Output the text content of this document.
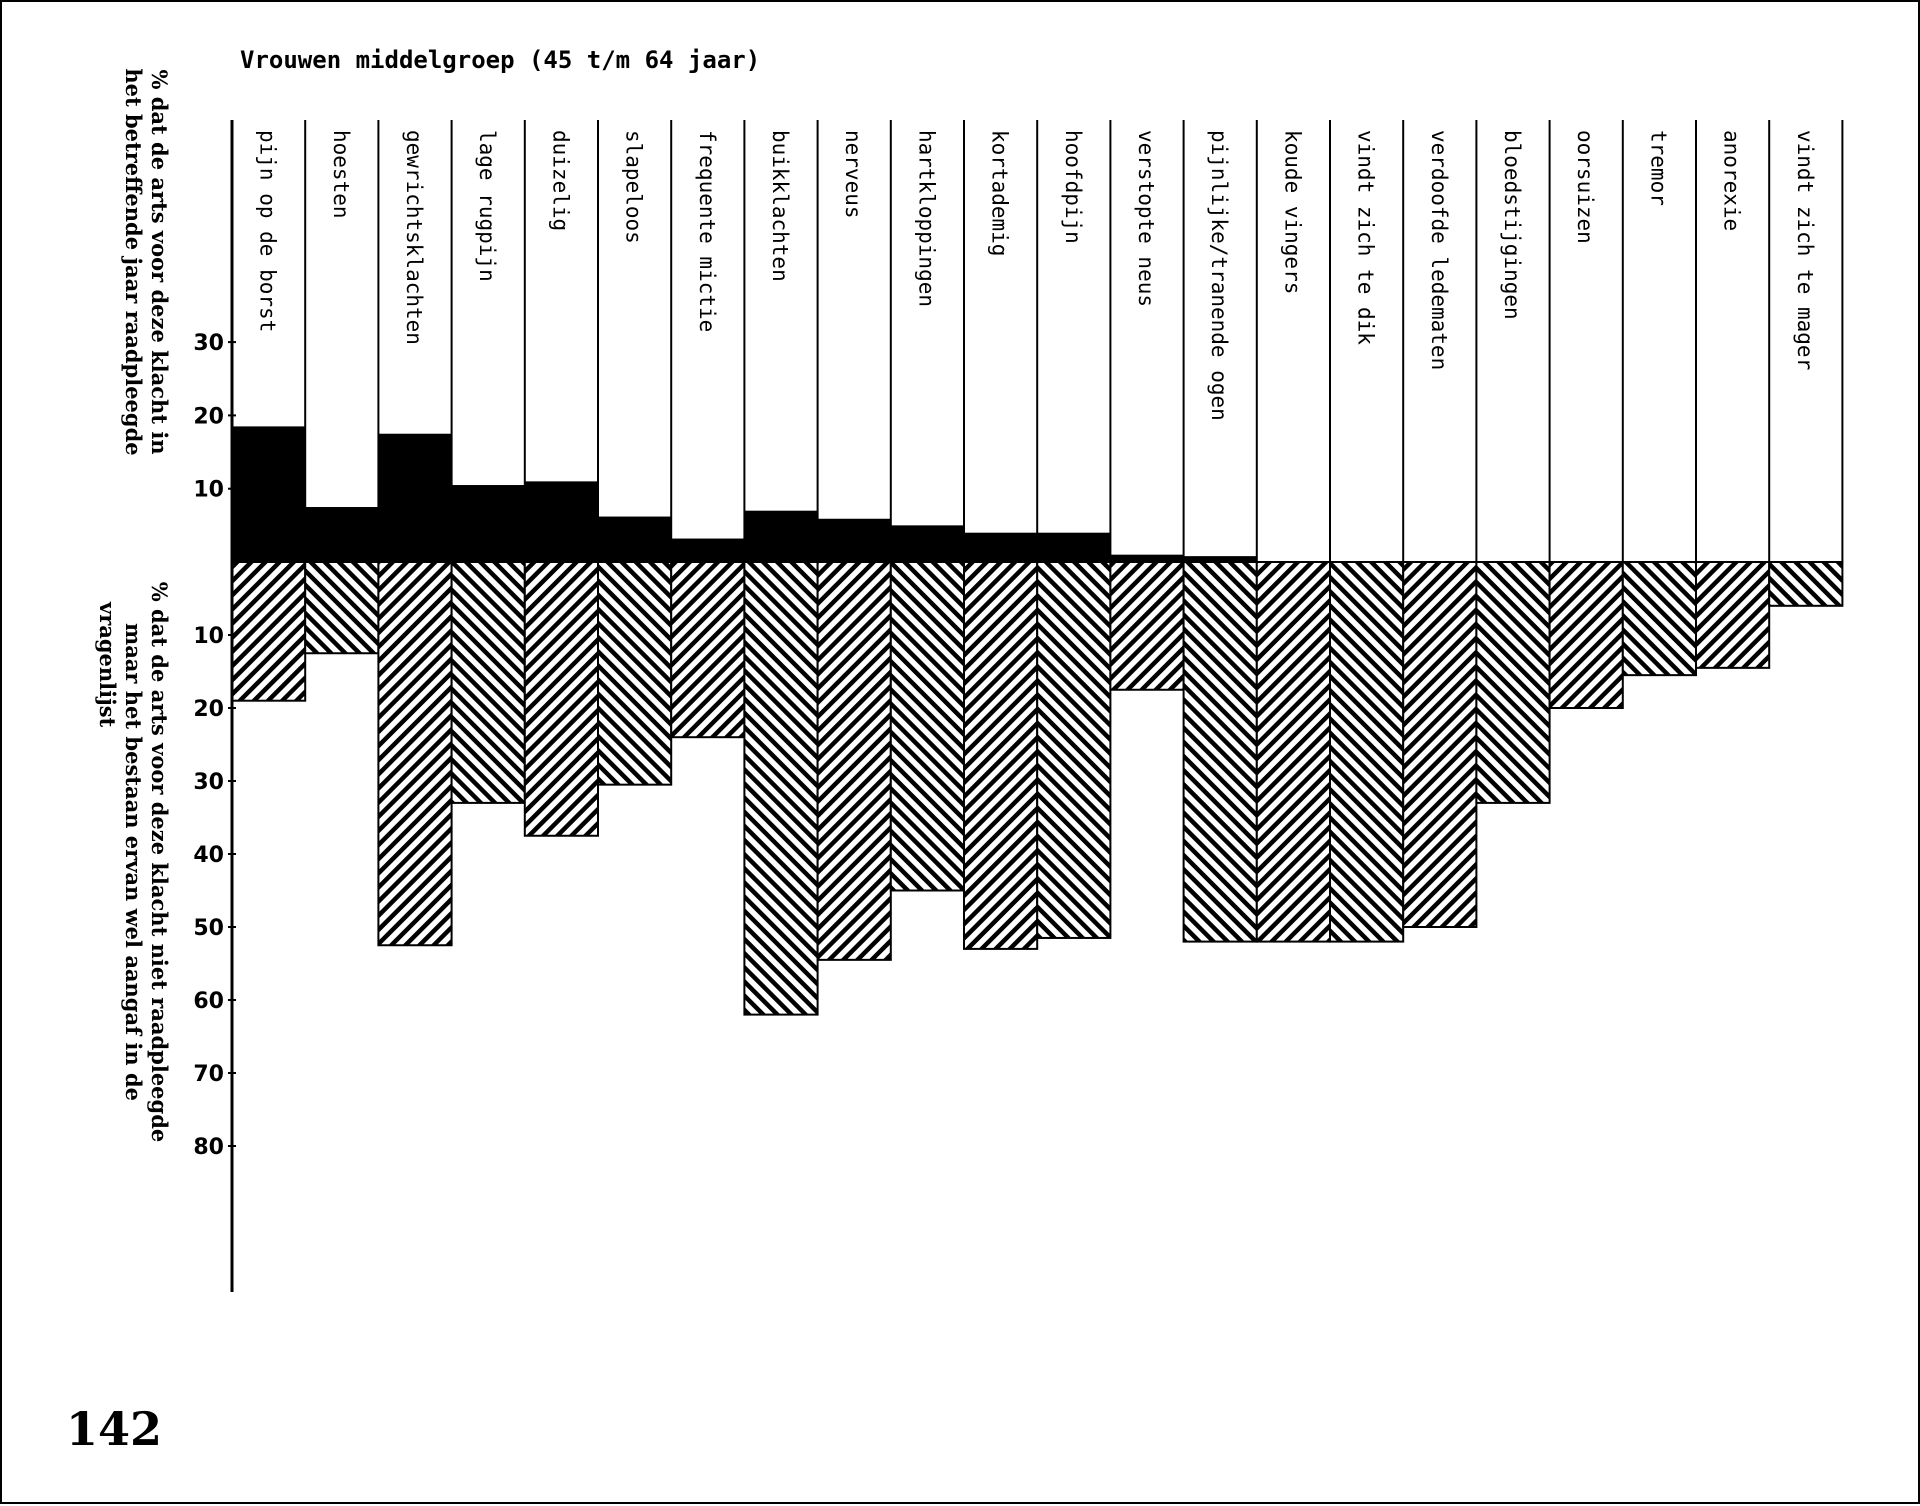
Vrouwen middelgroep (45 t/m 64 jaar)
% dat de arts voor deze klacht in
het betreffende jaar raadpleegde
% dat de arts voor deze klacht niet raadpleegde
maar het bestaan ervan wel aangaf in de
vragenlijst
10
20
30
10
20
30
40
50
60
70
80
pijn op de borst hoesten gewrichtsklachten lage rugpijn duizelig slapeloos frequente mictie buikklachten nerveus hartkloppingen kortademig hoofdpijn verstopte neus pijnlijke/tranende ogen koude vingers vindt zich te dik verdoofde ledematen bloedstijgingen oorsuizen tremor anorexie vindt zich te mager
142
